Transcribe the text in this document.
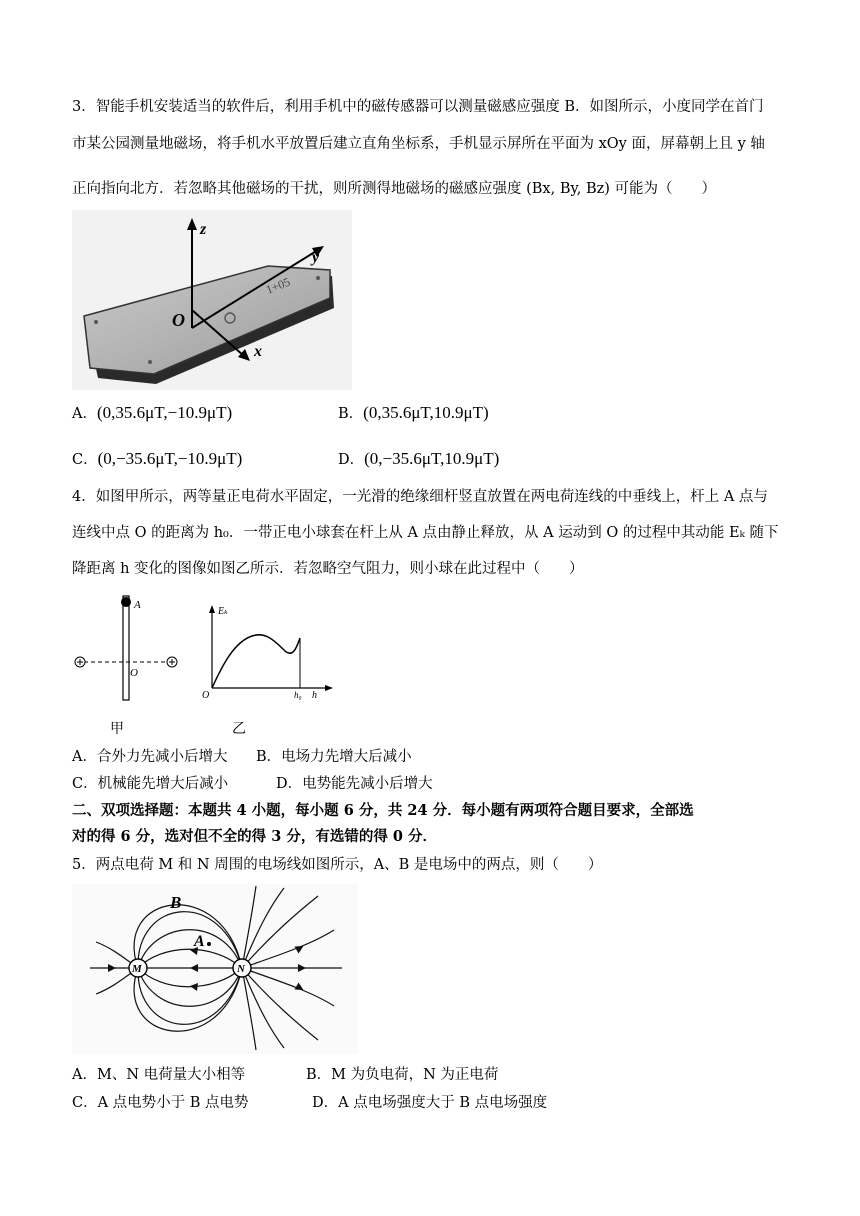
3．智能手机安装适当的软件后，利用手机中的磁传感器可以测量磁感应强度 B．如图所示，小度同学在首门
市某公园测量地磁场，将手机水平放置后建立直角坐标系，手机显示屏所在平面为 xOy 面，屏幕朝上且 y 轴
正向指向北方．若忽略其他磁场的干扰，则所测得地磁场的磁感应强度 (Bx, By, Bz) 可能为（　　）
1+05
z
y
x
O
A．(0,35.6μT,−10.9μT)	B．(0,35.6μT,10.9μT)
C．(0,−35.6μT,−10.9μT)	D．(0,−35.6μT,10.9μT)
4．如图甲所示，两等量正电荷水平固定，一光滑的绝缘细杆竖直放置在两电荷连线的中垂线上，杆上 A 点与
连线中点 O 的距离为 h₀．一带正电小球套在杆上从 A 点由静止释放，从 A 运动到 O 的过程中其动能 Eₖ 随下
降距离 h 变化的图像如图乙所示．若忽略空气阻力，则小球在此过程中（　　）
A
O
甲
Eₖ
O	h₀ h
乙
A．合外力先减小后增大 B．电场力先增大后减小
C．机械能先增大后减小	D．电势能先减小后增大
二、双项选择题：本题共 4 小题，每小题 6 分，共 24 分．每小题有两项符合题目要求，全部选
对的得 6 分，选对但不全的得 3 分，有选错的得 0 分．
5．两点电荷 M 和 N 周围的电场线如图所示，A、B 是电场中的两点，则（　　）
M	N
B
A
A．M、N 电荷量大小相等	B．M 为负电荷，N 为正电荷
C．A 点电势小于 B 点电势	D．A 点电场强度大于 B 点电场强度
